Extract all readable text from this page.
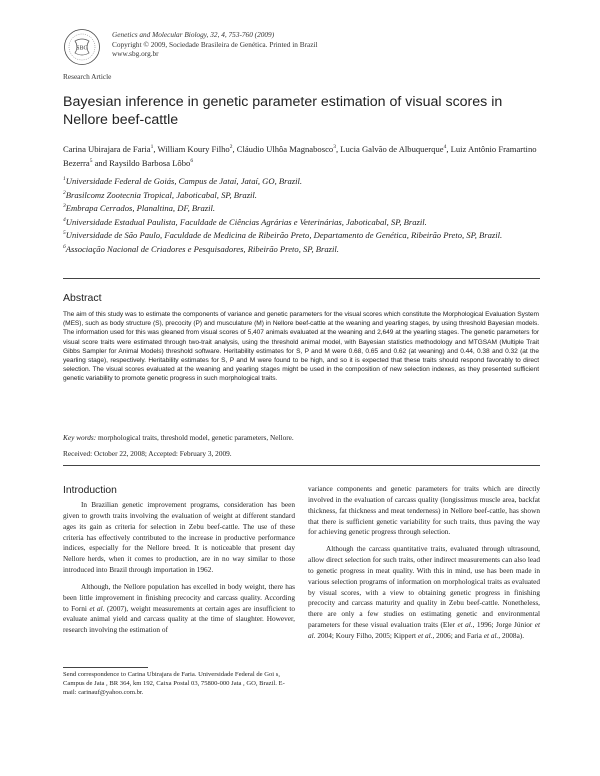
SBG
Genetics and Molecular Biology, 32, 4, 753-760 (2009)
Copyright © 2009, Sociedade Brasileira de Genética. Printed in Brazil
www.sbg.org.br
Research Article
Bayesian inference in genetic parameter estimation of visual scores in Nellore beef-cattle
Carina Ubirajara de Faria$^1$, William Koury Filho$^2$, Cláudio Ulhôa Magnabosco$^3$, Lucia Galvão de Albuquerque$^4$, Luiz Antônio Framartino Bezerra$^5$ and Raysildo Barbosa Lôbo$^6$
$^1$Universidade Federal de Goiás, Campus de Jataí, Jataí, GO, Brazil.
$^2$Brasilcomz Zootecnia Tropical, Jaboticabal, SP, Brazil.
$^3$Embrapa Cerrados, Planaltina, DF, Brazil.
$^4$Universidade Estadual Paulista, Faculdade de Ciências Agrárias e Veterinárias, Jaboticabal, SP, Brazil.
$^5$Universidade de São Paulo, Faculdade de Medicina de Ribeirão Preto, Departamento de Genética, Ribeirão Preto, SP, Brazil.
$^6$Associação Nacional de Criadores e Pesquisadores, Ribeirão Preto, SP, Brazil.
Abstract
The aim of this study was to estimate the components of variance and genetic parameters for the visual scores which constitute the Morphological Evaluation System (MES), such as body structure (S), precocity (P) and musculature (M) in Nellore beef-cattle at the weaning and yearling stages, by using threshold Bayesian models. The information used for this was gleaned from visual scores of 5,407 animals evaluated at the weaning and 2,649 at the yearling stages. The genetic parameters for visual score traits were estimated through two-trait analysis, using the threshold animal model, with Bayesian statistics methodology and MTGSAM (Multiple Trait Gibbs Sampler for Animal Models) threshold software. Heritability estimates for S, P and M were 0.68, 0.65 and 0.62 (at weaning) and 0.44, 0.38 and 0.32 (at the yearling stage), respectively. Heritability estimates for S, P and M were found to be high, and so it is expected that these traits should respond favorably to direct selection. The visual scores evaluated at the weaning and yearling stages might be used in the composition of new selection indexes, as they presented sufficient genetic variability to promote genetic progress in such morphological traits.
Key words: morphological traits, threshold model, genetic parameters, Nellore.
Received: October 22, 2008; Accepted: February 3, 2009.
Introduction

In Brazilian genetic improvement programs, consideration has been given to growth traits involving the evaluation of weight at different standard ages its gain as criteria for selection in Zebu beef-cattle. The use of these criteria has effectively contributed to the increase in productive performance indices, especially for the Nellore breed. It is noticeable that present day Nellore herds, when it comes to production, are in no way similar to those introduced into Brazil through importation in 1962.

Although, the Nellore population has excelled in body weight, there has been little improvement in finishing precocity and carcass quality. According to Forni et al. (2007), weight measurements at certain ages are insufficient to evaluate animal yield and carcass quality at the time of slaughter. However, research involving the estimation of

variance components and genetic parameters for traits which are directly involved in the evaluation of carcass quality (longissimus muscle area, backfat thickness, fat thickness and meat tenderness) in Nellore beef-cattle, has shown that there is sufficient genetic variability for such traits, thus paving the way for achieving genetic progress through selection.

Although the carcass quantitative traits, evaluated through ultrasound, allow direct selection for such traits, other indirect measurements can also lead to genetic progress in meat quality. With this in mind, use has been made in various selection programs of information on morphological traits as evaluated by visual scores, with a view to obtaining genetic progress in finishing precocity and carcass maturity and quality in Zebu beef-cattle. Nonetheless, there are only a few studies on estimating genetic and environmental parameters for these visual evaluation traits (Eler et al., 1996; Jorge Júnior et al. 2004; Koury Filho, 2005; Kippert et al., 2006; and Faria et al., 2008a).

Send correspondence to Carina Ubirajara de Faria. Universidade Federal de Goi s, Campus de Jata , BR 364, km 192, Caixa Postal 03, 75800-000 Jata , GO, Brazil. E-mail: carinauf@yahoo.com.br.
